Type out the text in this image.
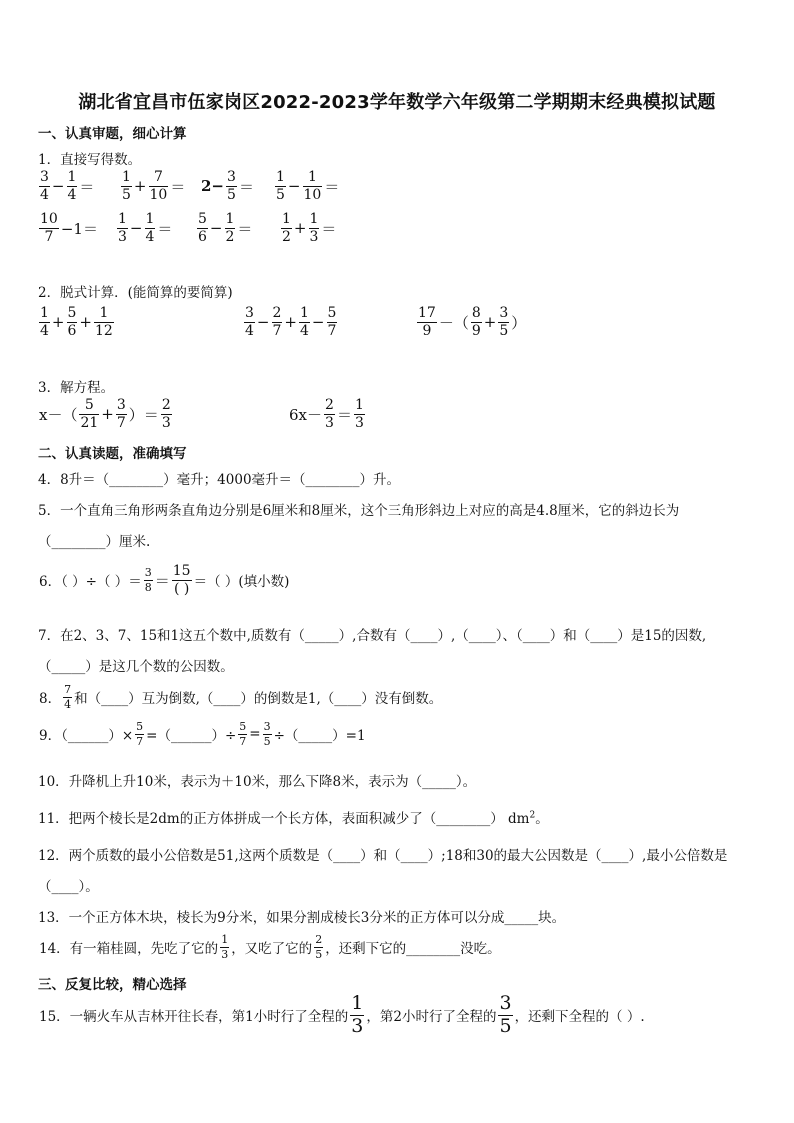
湖北省宜昌市伍家岗区2022-2023学年数学六年级第二学期期末经典模拟试题
一、认真审题，细心计算
1．直接写得数。
$\frac{3}{4} - \frac{1}{4} = \frac{1}{5} + \frac{7}{10} = 2- \frac{3}{5} = \frac{1}{5} - \frac{1}{10}$ ＝
$\frac{10}{7} -1= \frac{1}{3} - \frac{1}{4} = \frac{5}{6} - \frac{1}{2} = \frac{1}{2} + \frac{1}{3}$ ＝
2．脱式计算．(能简算的要简算)
$\frac{1}{4} + \frac{5}{6} + \frac{1}{12}$	$\frac{3}{4} - \frac{2}{7} + \frac{1}{4} - \frac{5}{7}$	$\frac{17}{9}$ －（ $\frac{8}{9} + \frac{3}{5}$ ）
3．解方程。
$x-( \frac{5}{21} + \frac{3}{7}$ ）＝ $\frac{2}{3}$	$6x- \frac{2}{3} = \frac{1}{3}$
二、认真读题，准确填写
4．8升＝（________）毫升；4000毫升＝（________）升。
5．一个直角三角形两条直角边分别是6厘米和8厘米，这个三角形斜边上对应的高是4.8厘米，它的斜边长为
（________）厘米.
6．（ ）÷（ ）＝ $\frac{3}{8} = \frac{15}{( )}$ ＝（ ）(填小数)
7．在2、3、7、15和1这五个数中,质数有（_____）,合数有（____）,（____）、（____）和（____）是15的因数,
（_____）是这几个数的公因数。
8． $\frac{7}{4}$ 和（____）互为倒数,（____）的倒数是1,（____）没有倒数。
9．（______）× $\frac{5}{7}$ =（______）÷ $\frac{5}{7} = \frac{3}{5}$ ÷（_____）=1
10．升降机上升10米，表示为＋10米，那么下降8米，表示为（_____）。
11．把两个棱长是2dm的正方体拼成一个长方体，表面积减少了（________） $dm^2$。
12．两个质数的最小公倍数是51,这两个质数是（____）和（____）;18和30的最大公因数是（____）,最小公倍数是
（____）。
13．一个正方体木块，棱长为9分米，如果分割成棱长3分米的正方体可以分成_____块。
14．有一箱桂圆，先吃了它的 $\frac{1}{3}$ ，又吃了它的 $\frac{2}{5}$ ，还剩下它的________没吃。
三、反复比较，精心选择
15．一辆火车从吉林开往长春，第1小时行了全程的 $\frac{1}{3}$ ，第2小时行了全程的 $\frac{3}{5}$ ，还剩下全程的（ ）.
